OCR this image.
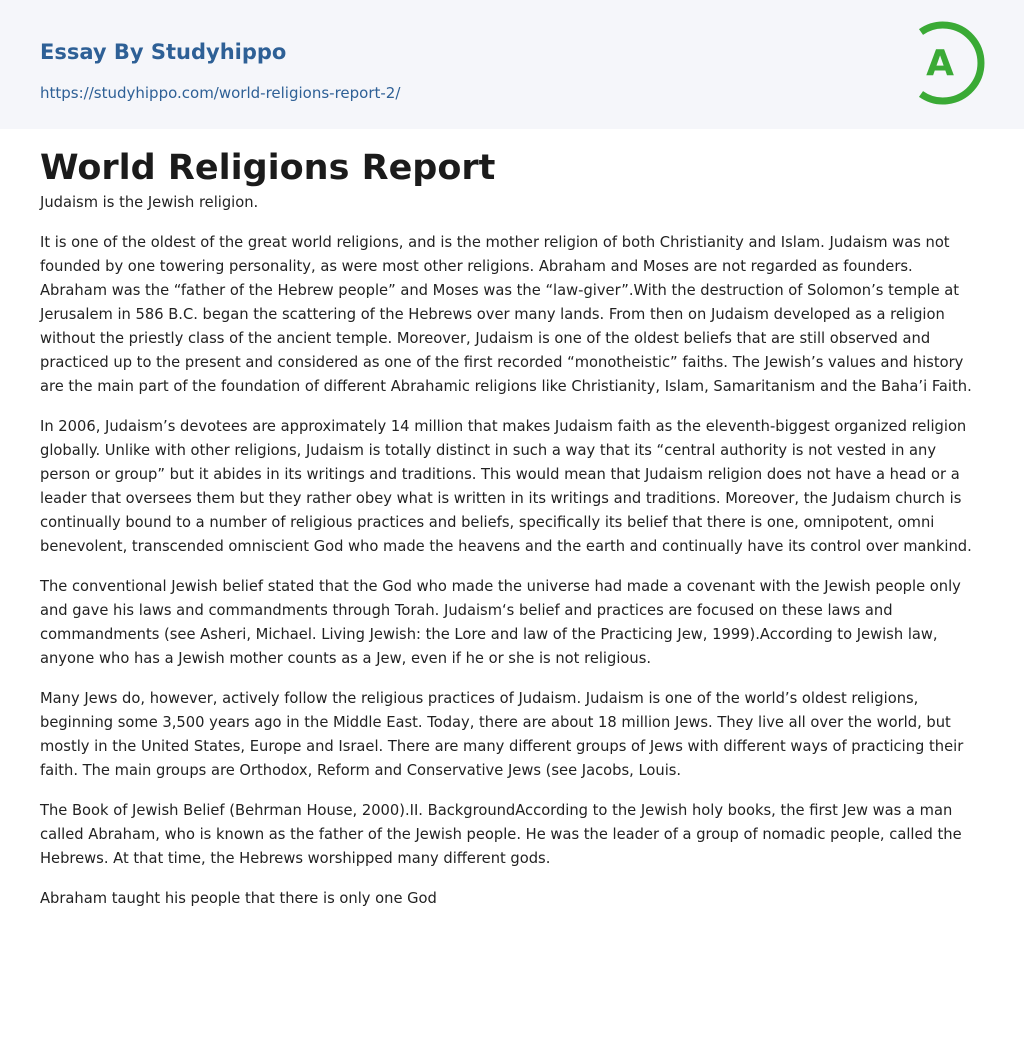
Essay By Studyhippo
https://studyhippo.com/world-religions-report-2/
A
World Religions Report

Judaism is the Jewish religion.

It is one of the oldest of the great world religions, and is the mother religion of both Christianity and Islam. Judaism was not founded by one towering personality, as were most other religions. Abraham and Moses are not regarded as founders. Abraham was the “father of the Hebrew people” and Moses was the “law-giver”.With the destruction of Solomon’s temple at Jerusalem in 586 B.C. began the scattering of the Hebrews over many lands. From then on Judaism developed as a religion without the priestly class of the ancient temple. Moreover, Judaism is one of the oldest beliefs that are still observed and practiced up to the present and considered as one of the first recorded “monotheistic” faiths. The Jewish’s values and history are the main part of the foundation of different Abrahamic religions like Christianity, Islam, Samaritanism and the Baha’i Faith.

In 2006, Judaism’s devotees are approximately 14 million that makes Judaism faith as the eleventh-biggest organized religion globally. Unlike with other religions, Judaism is totally distinct in such a way that its “central authority is not vested in any person or group” but it abides in its writings and traditions. This would mean that Judaism religion does not have a head or a leader that oversees them but they rather obey what is written in its writings and traditions. Moreover, the Judaism church is continually bound to a number of religious practices and beliefs, specifically its belief that there is one, omnipotent, omni benevolent, transcended omniscient God who made the heavens and the earth and continually have its control over mankind.

The conventional Jewish belief stated that the God who made the universe had made a covenant with the Jewish people only and gave his laws and commandments through Torah. Judaism‘s belief and practices are focused on these laws and commandments (see Asheri, Michael. Living Jewish: the Lore and law of the Practicing Jew, 1999).According to Jewish law, anyone who has a Jewish mother counts as a Jew, even if he or she is not religious.

Many Jews do, however, actively follow the religious practices of Judaism. Judaism is one of the world’s oldest religions, beginning some 3,500 years ago in the Middle East. Today, there are about 18 million Jews. They live all over the world, but mostly in the United States, Europe and Israel. There are many different groups of Jews with different ways of practicing their faith. The main groups are Orthodox, Reform and Conservative Jews (see Jacobs, Louis.

The Book of Jewish Belief (Behrman House, 2000).II. BackgroundAccording to the Jewish holy books, the first Jew was a man called Abraham, who is known as the father of the Jewish people. He was the leader of a group of nomadic people, called the Hebrews. At that time, the Hebrews worshipped many different gods.

Abraham taught his people that there is only one God
